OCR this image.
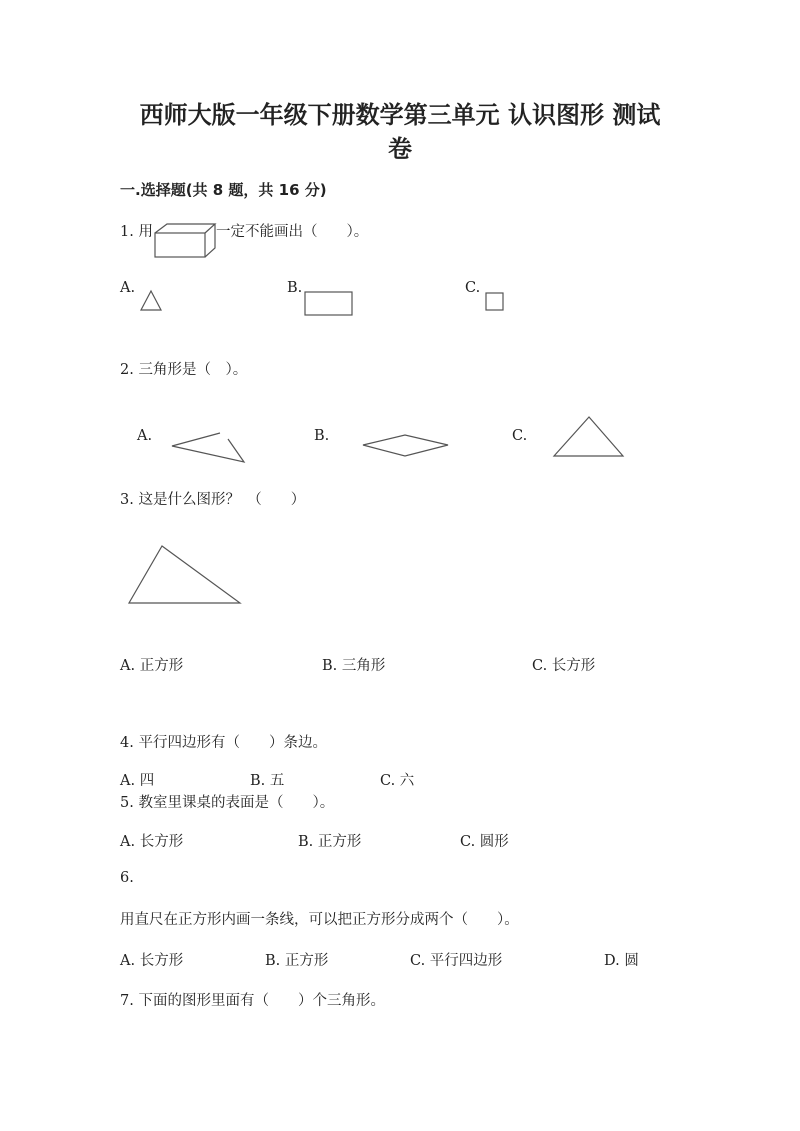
西师大版一年级下册数学第三单元 认识图形 测试
卷
一.选择题(共 8 题，共 16 分)
1. 用	一定不能画出（　　）。
A.	B.	C.
2. 三角形是（　）。
A.	B.	C.
3. 这是什么图形？　（　　）
A. 正方形	B. 三角形	C. 长方形
4. 平行四边形有（　　）条边。
A. 四	B. 五	C. 六
5. 教室里课桌的表面是（　　）。
A. 长方形	B. 正方形	C. 圆形
6.
用直尺在正方形内画一条线，可以把正方形分成两个（　　）。
A. 长方形	B. 正方形	C. 平行四边形	D. 圆
7. 下面的图形里面有（　　）个三角形。
